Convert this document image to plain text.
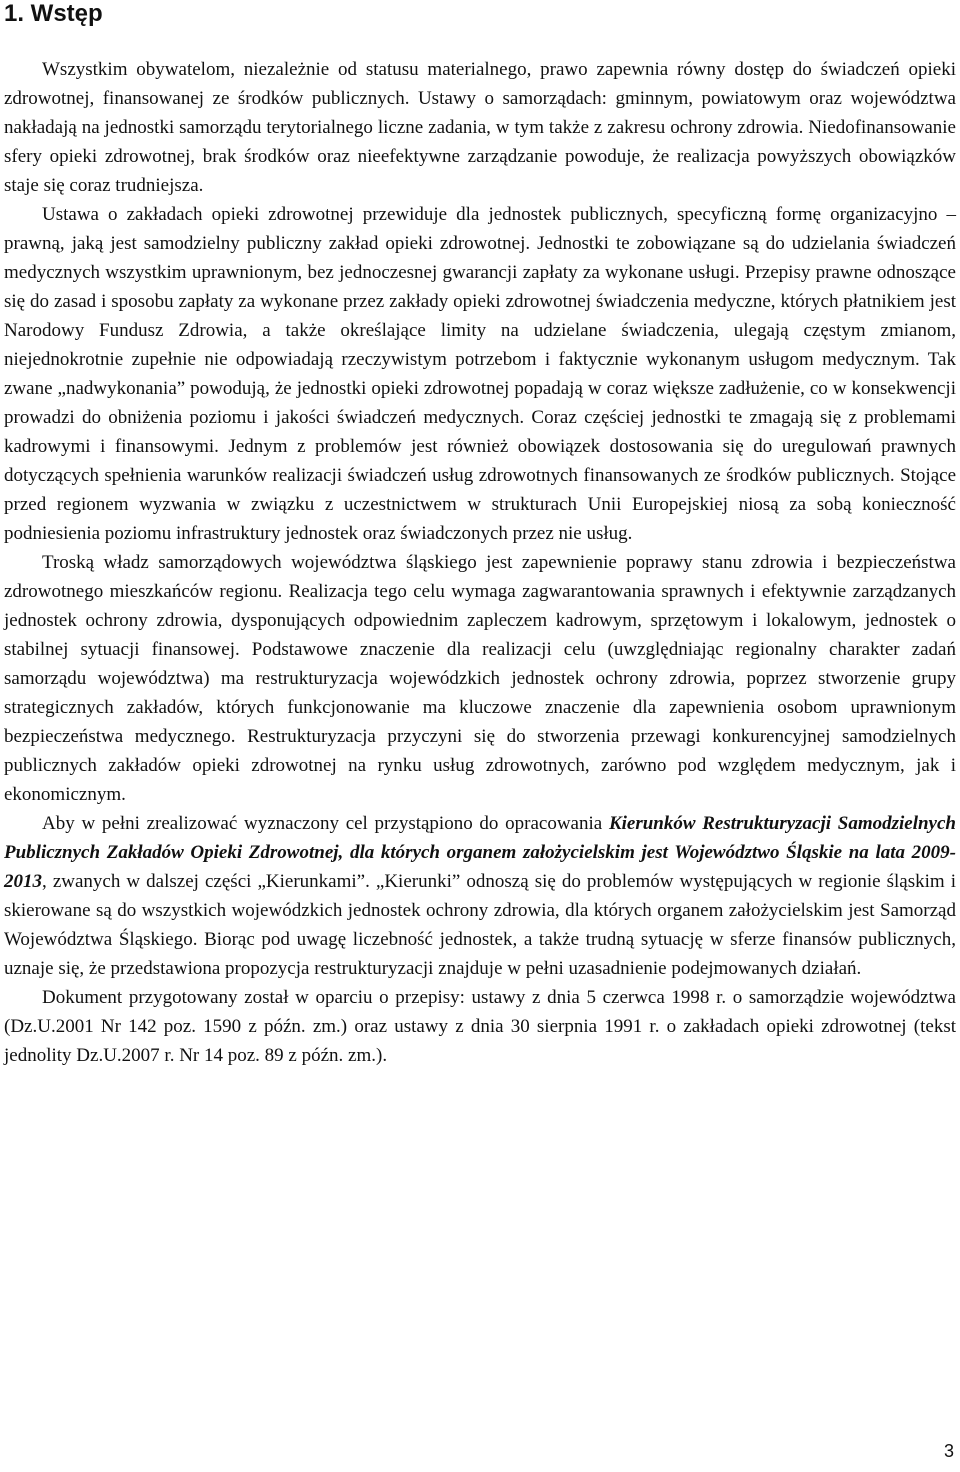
1. Wstęp

Wszystkim obywatelom, niezależnie od statusu materialnego, prawo zapewnia równy dostęp do świadczeń opieki zdrowotnej, finansowanej ze środków publicznych. Ustawy o samorządach: gminnym, powiatowym oraz województwa nakładają na jednostki samorządu terytorialnego liczne zadania, w tym także z zakresu ochrony zdrowia. Niedofinansowanie sfery opieki zdrowotnej, brak środków oraz nieefektywne zarządzanie powoduje, że realizacja powyższych obowiązków staje się coraz trudniejsza.

Ustawa o zakładach opieki zdrowotnej przewiduje dla jednostek publicznych, specyficzną formę organizacyjno – prawną, jaką jest samodzielny publiczny zakład opieki zdrowotnej. Jednostki te zobowiązane są do udzielania świadczeń medycznych wszystkim uprawnionym, bez jednoczesnej gwarancji zapłaty za wykonane usługi. Przepisy prawne odnoszące się do zasad i sposobu zapłaty za wykonane przez zakłady opieki zdrowotnej świadczenia medyczne, których płatnikiem jest Narodowy Fundusz Zdrowia, a także określające limity na udzielane świadczenia, ulegają częstym zmianom, niejednokrotnie zupełnie nie odpowiadają rzeczywistym potrzebom i faktycznie wykonanym usługom medycznym. Tak zwane „nadwykonania” powodują, że jednostki opieki zdrowotnej popadają w coraz większe zadłużenie, co w konsekwencji prowadzi do obniżenia poziomu i jakości świadczeń medycznych. Coraz częściej jednostki te zmagają się z problemami kadrowymi i finansowymi. Jednym z problemów jest również obowiązek dostosowania się do uregulowań prawnych dotyczących spełnienia warunków realizacji świadczeń usług zdrowotnych finansowanych ze środków publicznych. Stojące przed regionem wyzwania w związku z uczestnictwem w strukturach Unii Europejskiej niosą za sobą konieczność podniesienia poziomu infrastruktury jednostek oraz świadczonych przez nie usług.

Troską władz samorządowych województwa śląskiego jest zapewnienie poprawy stanu zdrowia i bezpieczeństwa zdrowotnego mieszkańców regionu. Realizacja tego celu wymaga zagwarantowania sprawnych i efektywnie zarządzanych jednostek ochrony zdrowia, dysponujących odpowiednim zapleczem kadrowym, sprzętowym i lokalowym, jednostek o stabilnej sytuacji finansowej. Podstawowe znaczenie dla realizacji celu (uwzględniając regionalny charakter zadań samorządu województwa) ma restrukturyzacja wojewódzkich jednostek ochrony zdrowia, poprzez stworzenie grupy strategicznych zakładów, których funkcjonowanie ma kluczowe znaczenie dla zapewnienia osobom uprawnionym bezpieczeństwa medycznego. Restrukturyzacja przyczyni się do stworzenia przewagi konkurencyjnej samodzielnych publicznych zakładów opieki zdrowotnej na rynku usług zdrowotnych, zarówno pod względem medycznym, jak i ekonomicznym.

Aby w pełni zrealizować wyznaczony cel przystąpiono do opracowania Kierunków Restrukturyzacji Samodzielnych Publicznych Zakładów Opieki Zdrowotnej, dla których organem założycielskim jest Województwo Śląskie na lata 2009-2013, zwanych w dalszej części „Kierunkami”. „Kierunki” odnoszą się do problemów występujących w regionie śląskim i skierowane są do wszystkich wojewódzkich jednostek ochrony zdrowia, dla których organem założycielskim jest Samorząd Województwa Śląskiego. Biorąc pod uwagę liczebność jednostek, a także trudną sytuację w sferze finansów publicznych, uznaje się, że przedstawiona propozycja restrukturyzacji znajduje w pełni uzasadnienie podejmowanych działań.

Dokument przygotowany został w oparciu o przepisy: ustawy z dnia 5 czerwca 1998 r. o samorządzie województwa (Dz.U.2001 Nr 142 poz. 1590 z późn. zm.) oraz ustawy z dnia 30 sierpnia 1991 r. o zakładach opieki zdrowotnej (tekst jednolity Dz.U.2007 r. Nr 14 poz. 89 z późn. zm.).

3
